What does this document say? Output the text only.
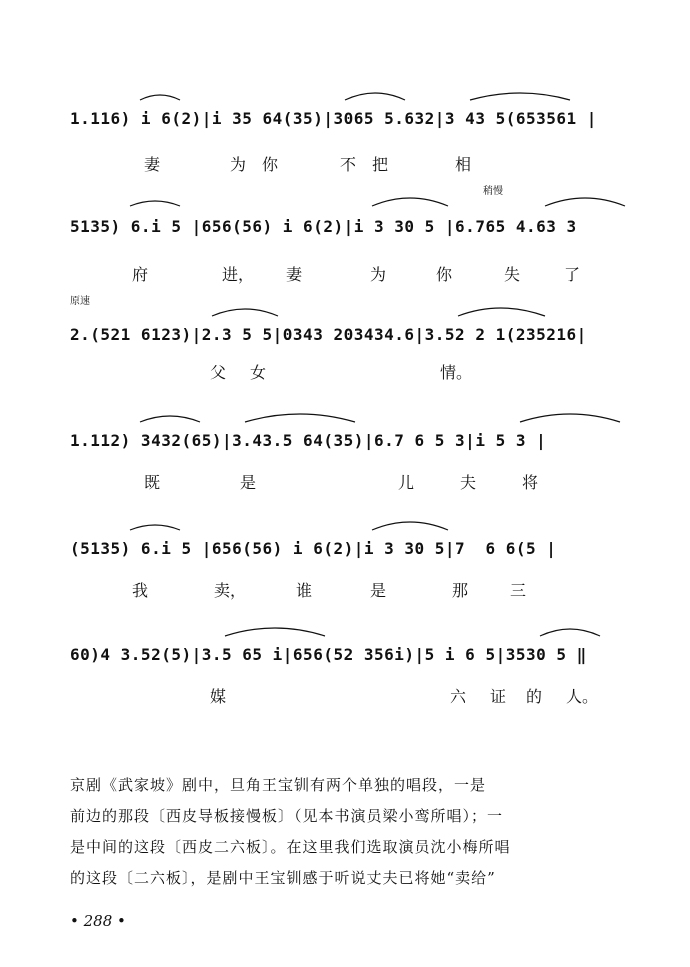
1.116) i 6(2)|i 35 64(35)|3065 5.632|3 43 5(653561 |
妻	为 你	不 把	相
稍慢
5135) 6.i 5 |656(56) i 6(2)|i 3 30 5 |6.765 4.63 3
府	进， 妻	为	你	失	了
原速
2.(521 6123)|2.3 5 5|0343 203434.6|3.52 2 1(235216|
父 女	情。
1.112) 3432(65)|3.43.5 64(35)|6.7 6 5 3|i 5 3 |
既	是	儿	夫	将
(5135) 6.i 5 |656(56) i 6(2)|i 3 30 5|7  6 6(5 |
我	卖，	谁	是	那	三
60)4 3.52(5)|3.5 65 i|656(52 356i)|5 i 6 5|3530 5 ‖
媒	六 证 的 人。
京剧《武家坡》剧中，旦角王宝钏有两个单独的唱段，一是
前边的那段〔西皮导板接慢板〕（见本书演员梁小鸾所唱）；一
是中间的这段〔西皮二六板〕。在这里我们选取演员沈小梅所唱
的这段〔二六板〕，是剧中王宝钏感于听说丈夫已将她“卖给”
• 288 •
